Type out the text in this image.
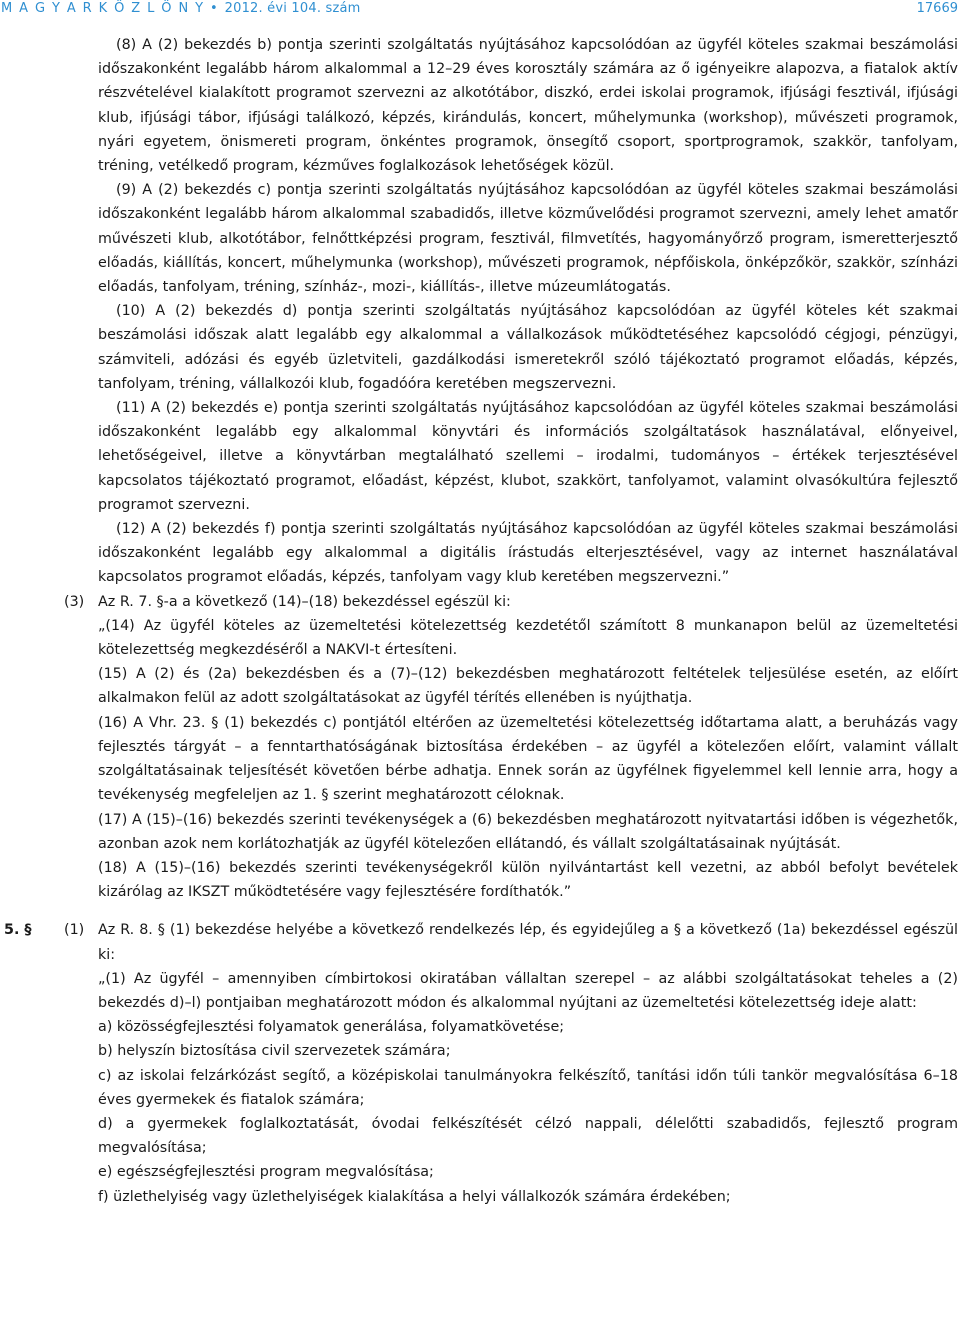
M A G Y A R K Ö Z L Ö N Y • 2012. évi 104. szám	17669

(8) A (2) bekezdés b) pontja szerinti szolgáltatás nyújtásához kapcsolódóan az ügyfél köteles szakmai beszámolási időszakonként legalább három alkalommal a 12–29 éves korosztály számára az ő igényeikre alapozva, a fiatalok aktív részvételével kialakított programot szervezni az alkotótábor, diszkó, erdei iskolai programok, ifjúsági fesztivál, ifjúsági klub, ifjúsági tábor, ifjúsági találkozó, képzés, kirándulás, koncert, műhelymunka (workshop), művészeti programok, nyári egyetem, önismereti program, önkéntes programok, önsegítő csoport, sportprogramok, szakkör, tanfolyam, tréning, vetélkedő program, kézműves foglalkozások lehetőségek közül.

(9) A (2) bekezdés c) pontja szerinti szolgáltatás nyújtásához kapcsolódóan az ügyfél köteles szakmai beszámolási időszakonként legalább három alkalommal szabadidős, illetve közművelődési programot szervezni, amely lehet amatőr művészeti klub, alkotótábor, felnőttképzési program, fesztivál, filmvetítés, hagyományőrző program, ismeretterjesztő előadás, kiállítás, koncert, műhelymunka (workshop), művészeti programok, népfőiskola, önképzőkör, szakkör, színházi előadás, tanfolyam, tréning, színház-, mozi-, kiállítás-, illetve múzeumlátogatás.

(10) A (2) bekezdés d) pontja szerinti szolgáltatás nyújtásához kapcsolódóan az ügyfél köteles két szakmai beszámolási időszak alatt legalább egy alkalommal a vállalkozások működtetéséhez kapcsolódó cégjogi, pénzügyi, számviteli, adózási és egyéb üzletviteli, gazdálkodási ismeretekről szóló tájékoztató programot előadás, képzés, tanfolyam, tréning, vállalkozói klub, fogadóóra keretében megszervezni.

(11) A (2) bekezdés e) pontja szerinti szolgáltatás nyújtásához kapcsolódóan az ügyfél köteles szakmai beszámolási időszakonként legalább egy alkalommal könyvtári és információs szolgáltatások használatával, előnyeivel, lehetőségeivel, illetve a könyvtárban megtalálható szellemi – irodalmi, tudományos – értékek terjesztésével kapcsolatos tájékoztató programot, előadást, képzést, klubot, szakkört, tanfolyamot, valamint olvasókultúra fejlesztő programot szervezni.

(12) A (2) bekezdés f) pontja szerinti szolgáltatás nyújtásához kapcsolódóan az ügyfél köteles szakmai beszámolási időszakonként legalább egy alkalommal a digitális írástudás elterjesztésével, vagy az internet használatával kapcsolatos programot előadás, képzés, tanfolyam vagy klub keretében megszervezni.”

(3) Az R. 7. §-a a következő (14)–(18) bekezdéssel egészül ki:

„(14) Az ügyfél köteles az üzemeltetési kötelezettség kezdetétől számított 8 munkanapon belül az üzemeltetési kötelezettség megkezdéséről a NAKVI-t értesíteni.

(15) A (2) és (2a) bekezdésben és a (7)–(12) bekezdésben meghatározott feltételek teljesülése esetén, az előírt alkalmakon felül az adott szolgáltatásokat az ügyfél térítés ellenében is nyújthatja.

(16) A Vhr. 23. § (1) bekezdés c) pontjától eltérően az üzemeltetési kötelezettség időtartama alatt, a beruházás vagy fejlesztés tárgyát – a fenntarthatóságának biztosítása érdekében – az ügyfél a kötelezően előírt, valamint vállalt szolgáltatásainak teljesítését követően bérbe adhatja. Ennek során az ügyfélnek figyelemmel kell lennie arra, hogy a tevékenység megfeleljen az 1. § szerint meghatározott céloknak.

(17) A (15)–(16) bekezdés szerinti tevékenységek a (6) bekezdésben meghatározott nyitvatartási időben is végezhetők, azonban azok nem korlátozhatják az ügyfél kötelezően ellátandó, és vállalt szolgáltatásainak nyújtását.

(18) A (15)–(16) bekezdés szerinti tevékenységekről külön nyilvántartást kell vezetni, az abból befolyt bevételek kizárólag az IKSZT működtetésére vagy fejlesztésére fordíthatók.”

5. § (1) Az R. 8. § (1) bekezdése helyébe a következő rendelkezés lép, és egyidejűleg a § a következő (1a) bekezdéssel egészül ki:

„(1) Az ügyfél – amennyiben címbirtokosi okiratában vállaltan szerepel – az alábbi szolgáltatásokat teheles a (2) bekezdés d)–l) pontjaiban meghatározott módon és alkalommal nyújtani az üzemeltetési kötelezettség ideje alatt:

a) közösségfejlesztési folyamatok generálása, folyamatkövetése;

b) helyszín biztosítása civil szervezetek számára;

c) az iskolai felzárkózást segítő, a középiskolai tanulmányokra felkészítő, tanítási időn túli tankör megvalósítása 6–18 éves gyermekek és fiatalok számára;

d) a gyermekek foglalkoztatását, óvodai felkészítését célzó nappali, délelőtti szabadidős, fejlesztő program megvalósítása;

e) egészségfejlesztési program megvalósítása;

f) üzlethelyiség vagy üzlethelyiségek kialakítása a helyi vállalkozók számára érdekében;
